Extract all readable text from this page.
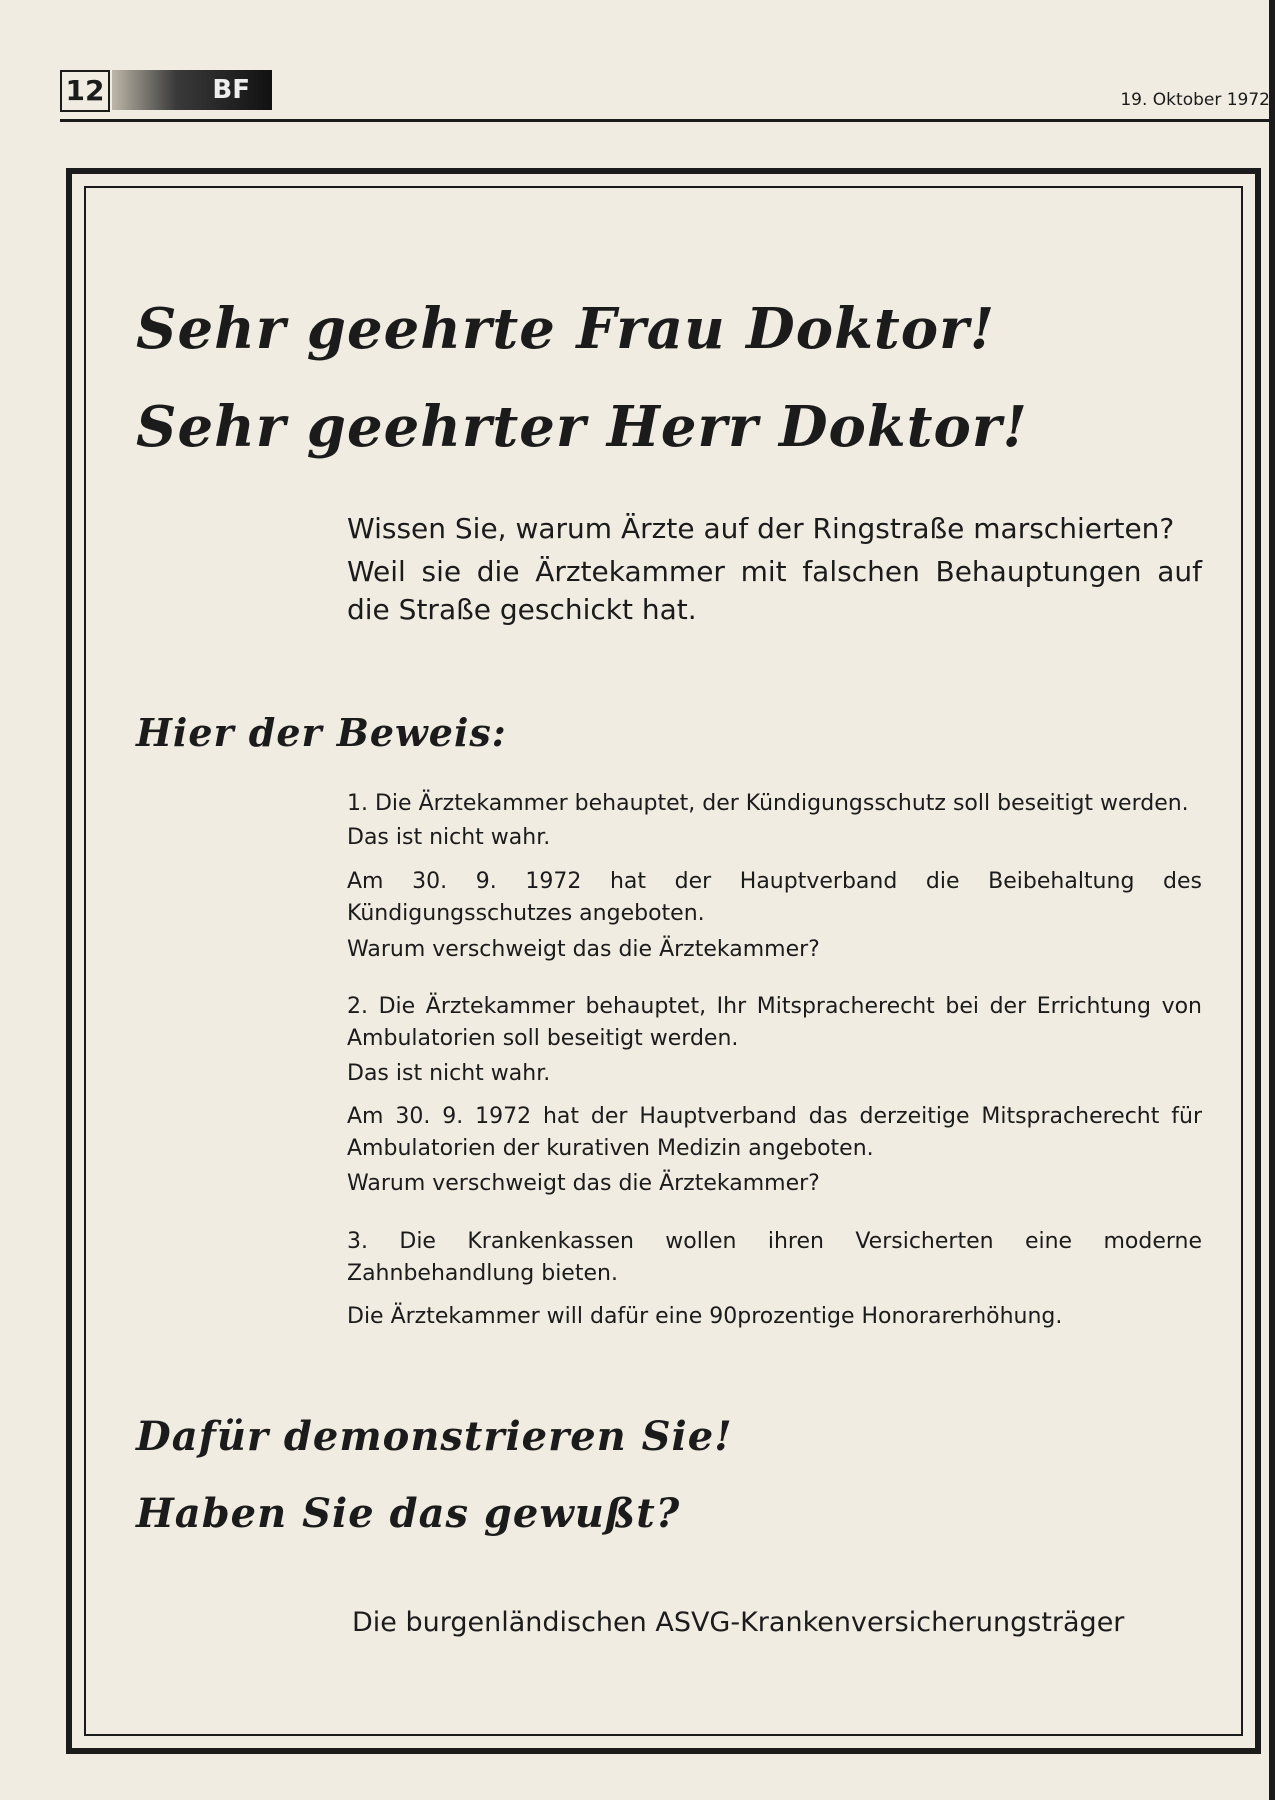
12	BF	19. Oktober 1972
Sehr geehrte Frau Doktor!
Sehr geehrter Herr Doktor!
Wissen Sie, warum Ärzte auf der Ringstraße marschierten?
Weil sie die Ärztekammer mit falschen Behauptungen auf die Straße geschickt hat.
Hier der Beweis:
1. Die Ärztekammer behauptet, der Kündigungsschutz soll beseitigt werden.
Das ist nicht wahr.
Am 30. 9. 1972 hat der Hauptverband die Beibehaltung des Kündigungsschutzes angeboten.
Warum verschweigt das die Ärztekammer?
2. Die Ärztekammer behauptet, Ihr Mitspracherecht bei der Errichtung von Ambulatorien soll beseitigt werden.
Das ist nicht wahr.
Am 30. 9. 1972 hat der Hauptverband das derzeitige Mitspracherecht für Ambulatorien der kurativen Medizin angeboten.
Warum verschweigt das die Ärztekammer?
3. Die Krankenkassen wollen ihren Versicherten eine moderne Zahnbehandlung bieten.
Die Ärztekammer will dafür eine 90prozentige Honorarerhöhung.
Dafür demonstrieren Sie!
Haben Sie das gewußt?
Die burgenländischen ASVG-Krankenversicherungsträger
